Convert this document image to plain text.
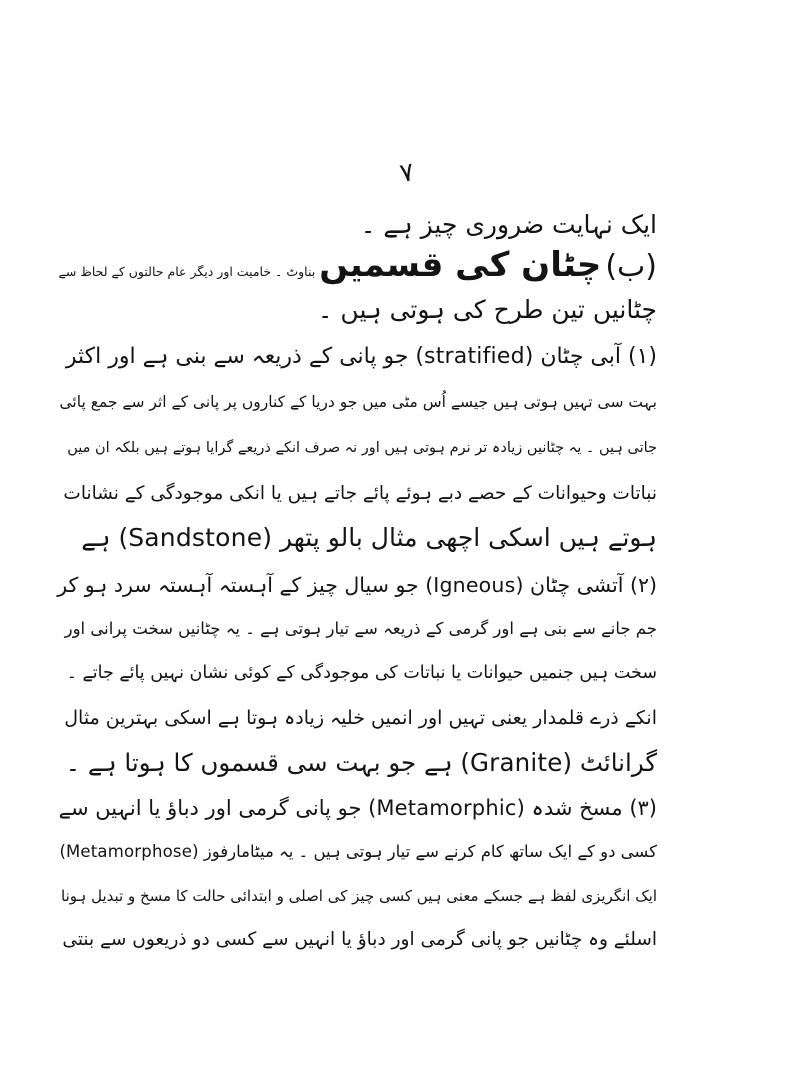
۷
ایک نہایت ضروری چیز ہے ۔
(ب) چٹان کی قسمیں بناوٹ ۔ خامیت اور دیگر عام حالتوں کے لحاظ سے
چٹانیں تین طرح کی ہوتی ہیں ۔
(۱) آبی چٹان (stratified) جو پانی کے ذریعہ سے بنی ہے اور اکثر
بہت سی تہیں ہوتی ہیں جیسے اُس مٹی میں جو دریا کے کناروں پر پانی کے اثر سے جمع پائی
جاتی ہیں ۔ یہ چٹانیں زیادہ تر نرم ہوتی ہیں اور نہ صرف انکے ذریعے گرایا ہوتے ہیں بلکہ ان میں
نباتات وحیوانات کے حصے دبے ہوئے پائے جاتے ہیں یا انکی موجودگی کے نشانات
ہوتے ہیں اسکی اچھی مثال بالو پتھر (Sandstone) ہے
(۲) آتشی چٹان (Igneous) جو سیال چیز کے آہستہ آہستہ سرد ہو کر
جم جانے سے بنی ہے اور گرمی کے ذریعہ سے تیار ہوتی ہے ۔ یہ چٹانیں سخت پرانی اور
سخت ہیں جنمیں حیوانات یا نباتات کی موجودگی کے کوئی نشان نہیں پائے جاتے ۔
انکے ذرے قلمدار یعنی تہیں اور انمیں خلیہ زیادہ ہوتا ہے اسکی بہترین مثال
گرانائٹ (Granite) ہے جو بہت سی قسموں کا ہوتا ہے ۔
(۳) مسخ شدہ (Metamorphic) جو پانی گرمی اور دباؤ یا انہیں سے
کسی دو کے ایک ساتھ کام کرنے سے تیار ہوتی ہیں ۔ یہ میٹامارفوز (Metamorphose)
ایک انگریزی لفظ ہے جسکے معنی ہیں کسی چیز کی اصلی و ابتدائی حالت کا مسخ و تبدیل ہونا
اسلئے وہ چٹانیں جو پانی گرمی اور دباؤ یا انہیں سے کسی دو ذریعوں سے بنتی
